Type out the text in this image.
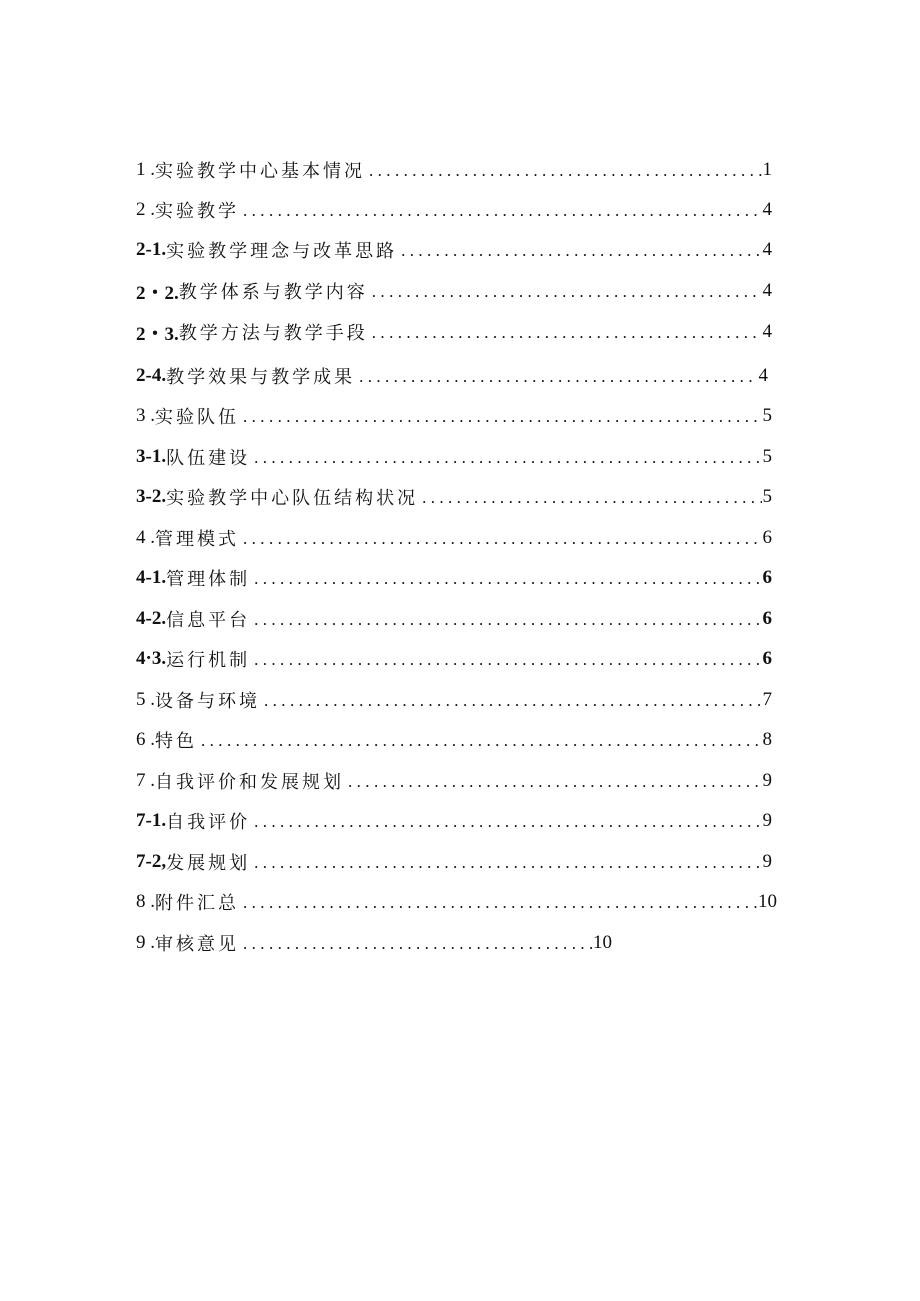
1 . 实验教学中心基本情况 .....	1
2 . 实验教学 .....	4
2-1. 实验教学理念与改革思路 .....	4
2・2. 教学体系与教学内容 .....	4
2・3. 教学方法与教学手段 .....	4
2-4. 教学效果与教学成果 .....	4
3 . 实验队伍 .....	5
3-1. 队伍建设 .....	5
3-2. 实验教学中心队伍结构状况 .....	5
4 . 管理模式 .....	6
4-1. 管理体制 .....	6
4-2. 信息平台 .....	6
4·3. 运行机制 .....	6
5 . 设备与环境 .....	7
6 . 特色 .....	8
7 . 自我评价和发展规划 .....	9
7-1. 自我评价 .....	9
7-2, 发展规划 .....	9
8 . 附件汇总 .....	10
9 . 审核意见 .....	10
